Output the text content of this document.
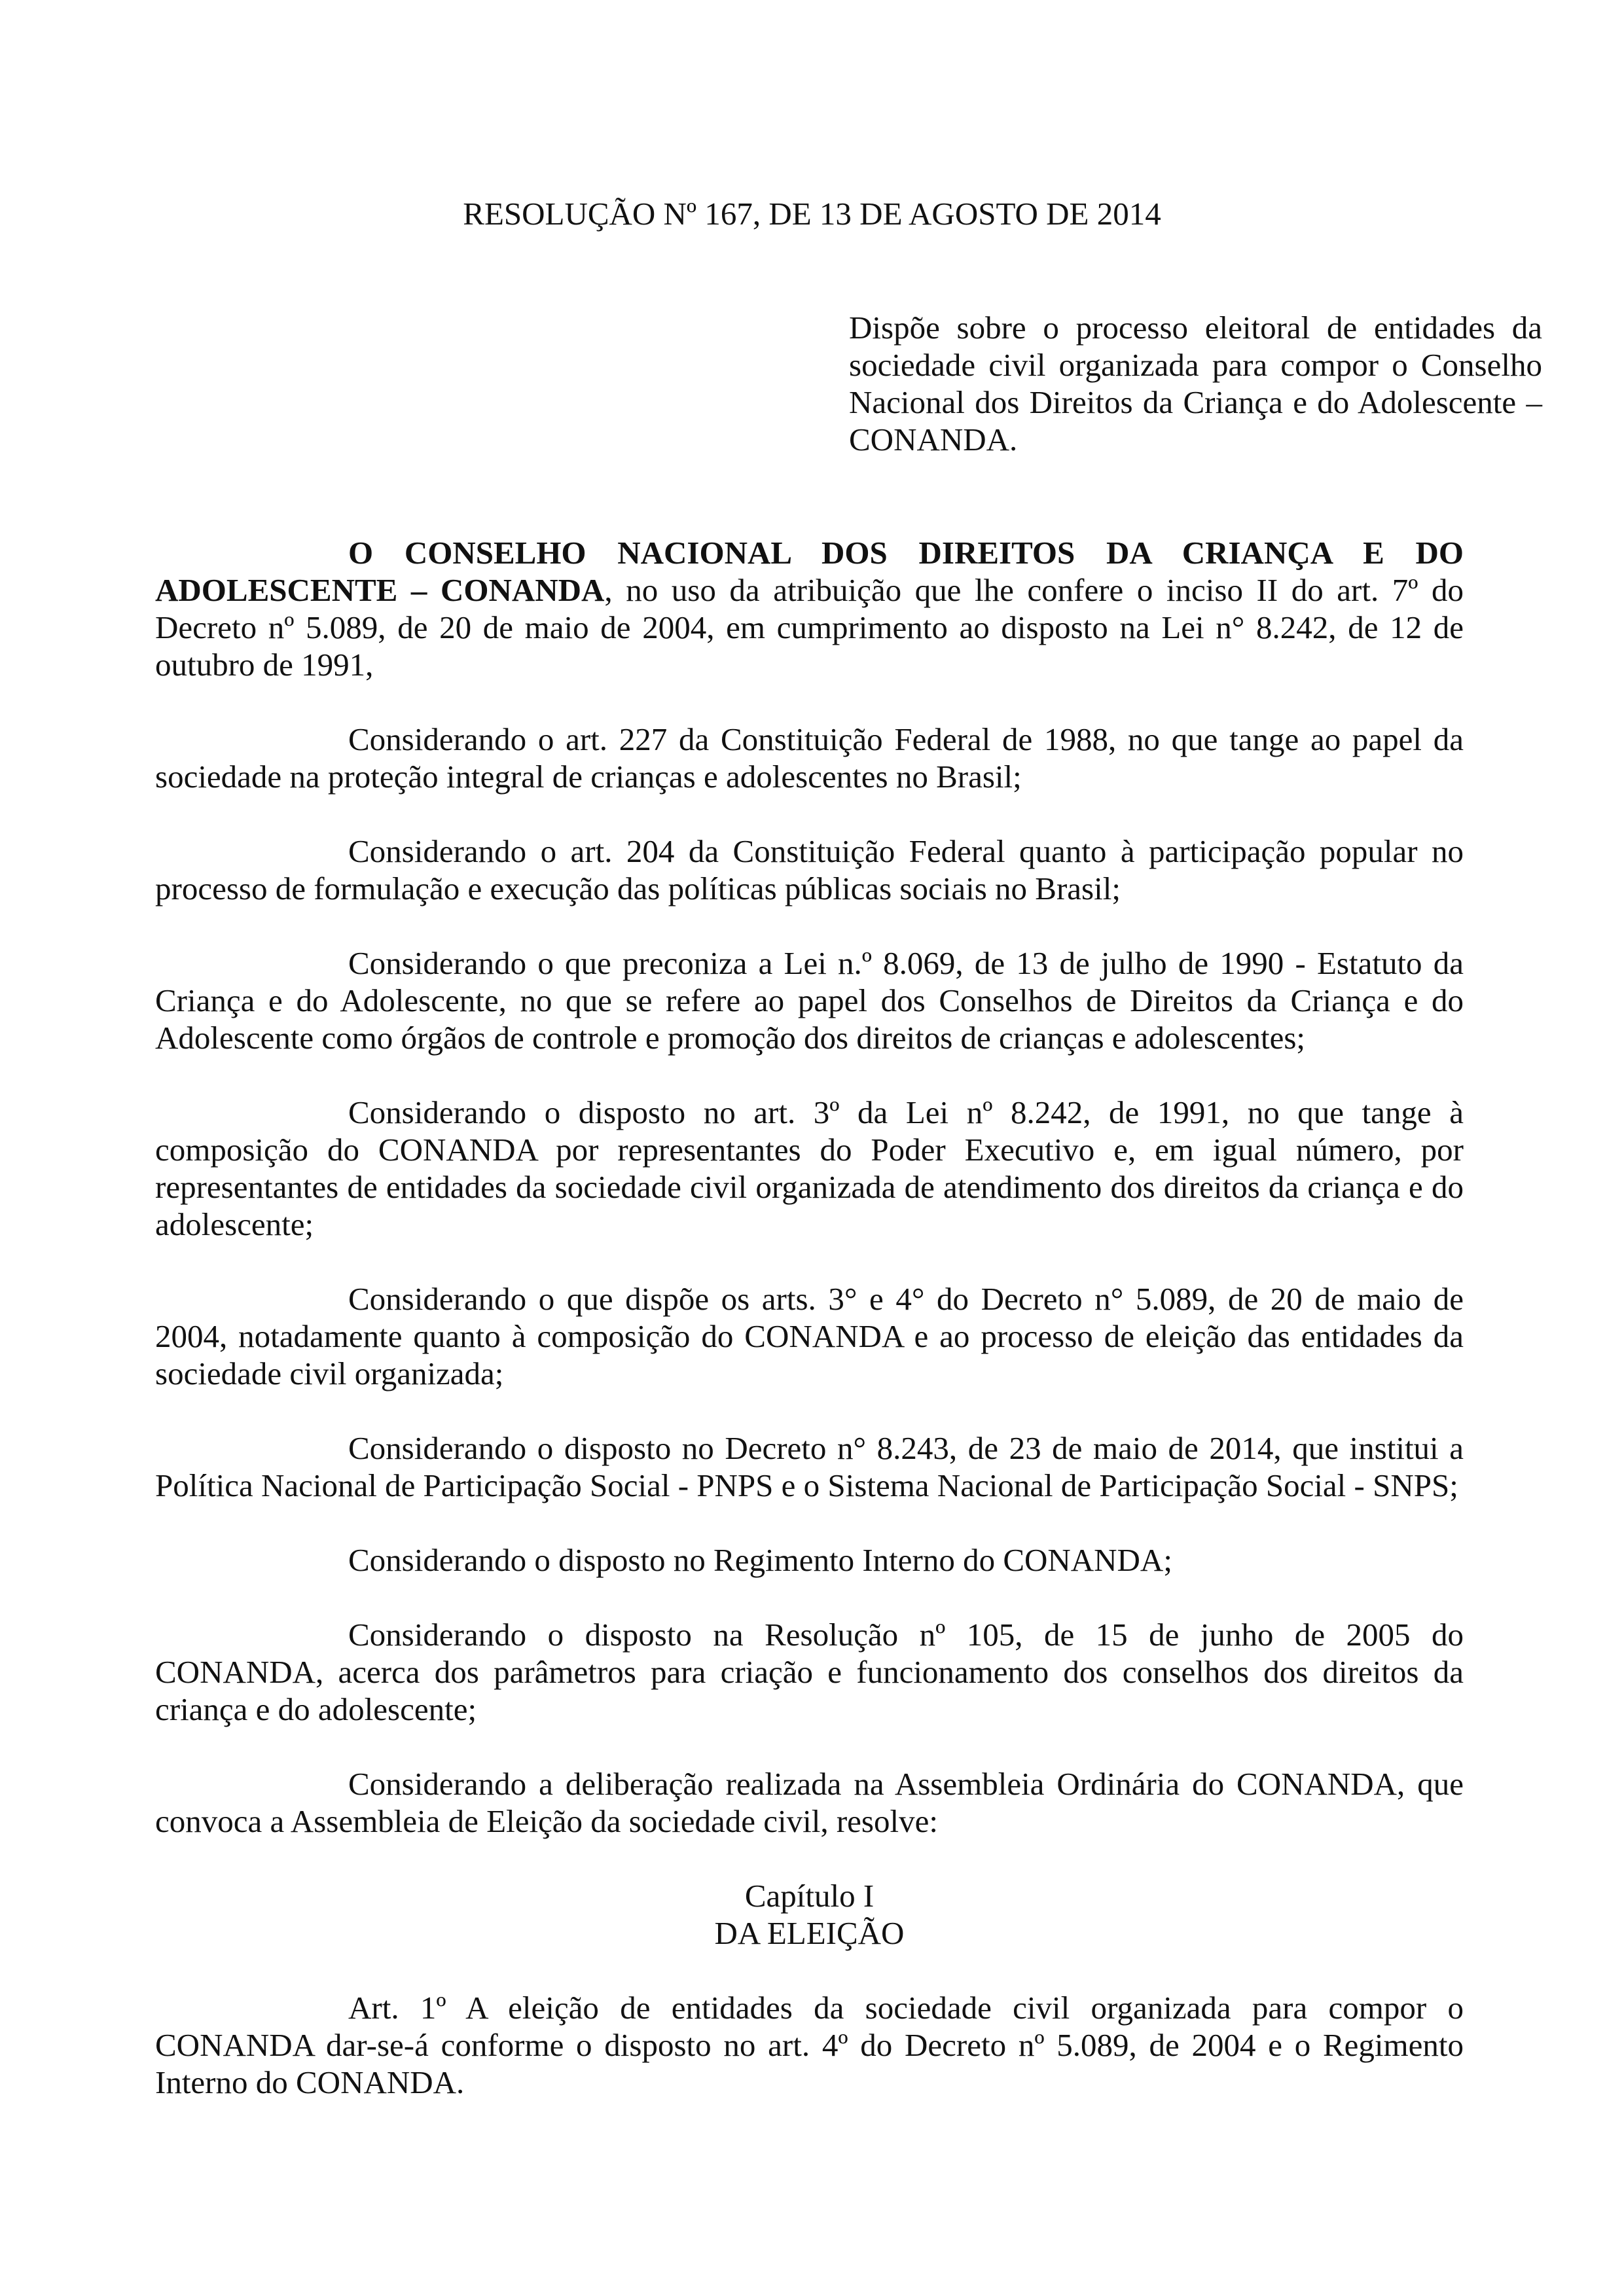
RESOLUÇÃO Nº 167, DE 13 DE AGOSTO DE 2014
Dispõe sobre o processo eleitoral de entidades da sociedade civil organizada para compor o Conselho Nacional dos Direitos da Criança e do Adolescente – CONANDA.

O CONSELHO NACIONAL DOS DIREITOS DA CRIANÇA E DO ADOLESCENTE – CONANDA, no uso da atribuição que lhe confere o inciso II do art. 7º do Decreto nº 5.089, de 20 de maio de 2004, em cumprimento ao disposto na Lei n° 8.242, de 12 de outubro de 1991,

Considerando o art. 227 da Constituição Federal de 1988, no que tange ao papel da sociedade na proteção integral de crianças e adolescentes no Brasil;

Considerando o art. 204 da Constituição Federal quanto à participação popular no processo de formulação e execução das políticas públicas sociais no Brasil;

Considerando o que preconiza a Lei n.º 8.069, de 13 de julho de 1990 - Estatuto da Criança e do Adolescente, no que se refere ao papel dos Conselhos de Direitos da Criança e do Adolescente como órgãos de controle e promoção dos direitos de crianças e adolescentes;

Considerando o disposto no art. 3º da Lei nº 8.242, de 1991, no que tange à composição do CONANDA por representantes do Poder Executivo e, em igual número, por representantes de entidades da sociedade civil organizada de atendimento dos direitos da criança e do adolescente;

Considerando o que dispõe os arts. 3° e 4° do Decreto n° 5.089, de 20 de maio de 2004, notadamente quanto à composição do CONANDA e ao processo de eleição das entidades da sociedade civil organizada;

Considerando o disposto no Decreto n° 8.243, de 23 de maio de 2014, que institui a Política Nacional de Participação Social - PNPS e o Sistema Nacional de Participação Social - SNPS;

Considerando o disposto no Regimento Interno do CONANDA;

Considerando o disposto na Resolução nº 105, de 15 de junho de 2005 do CONANDA, acerca dos parâmetros para criação e funcionamento dos conselhos dos direitos da criança e do adolescente;

Considerando a deliberação realizada na Assembleia Ordinária do CONANDA, que convoca a Assembleia de Eleição da sociedade civil, resolve:

Capítulo I

DA ELEIÇÃO

Art. 1º A eleição de entidades da sociedade civil organizada para compor o CONANDA dar-se-á conforme o disposto no art. 4º do Decreto nº 5.089, de 2004 e o Regimento Interno do CONANDA.
